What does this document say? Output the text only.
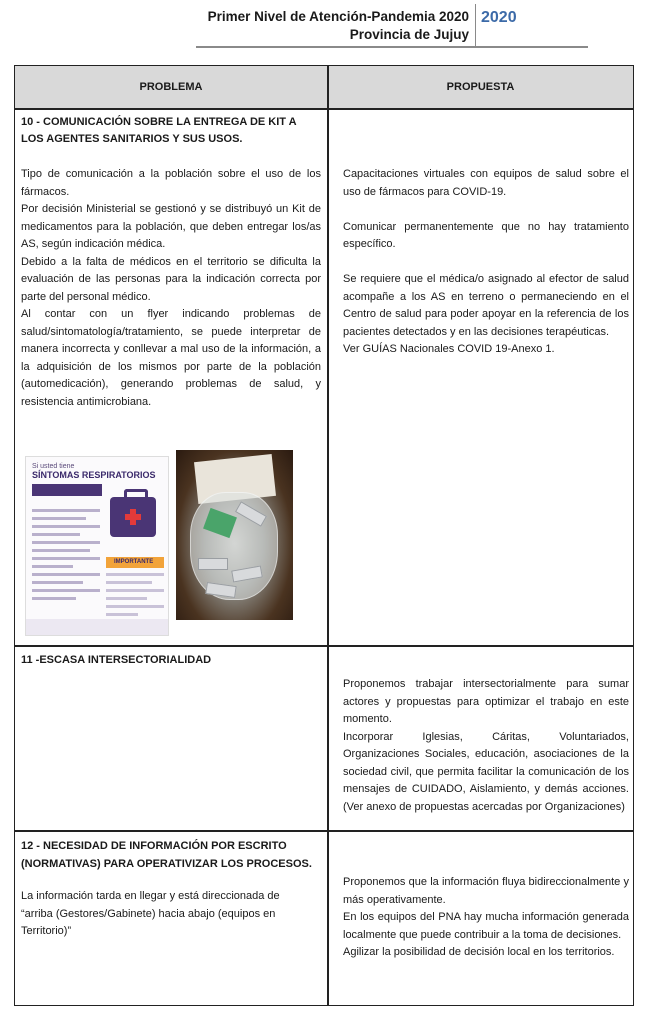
Primer Nivel de Atención-Pandemia 2020
Provincia de Jujuy
2020
PROBLEMA	PROPUESTA
10 - COMUNICACIÓN SOBRE LA ENTREGA DE KIT A LOS AGENTES SANITARIOS Y SUS USOS.
Tipo de comunicación a la población sobre el uso de los fármacos.
Por decisión Ministerial se gestionó y se distribuyó un Kit de medicamentos para la población, que deben entregar los/as AS, según indicación médica.
Debido a la falta de médicos en el territorio se dificulta la evaluación de las personas para la indicación correcta por parte del personal médico.
Al contar con un flyer indicando problemas de salud/sintomatología/tratamiento, se puede interpretar de manera incorrecta y conllevar a mal uso de la información, a la adquisición de los mismos por parte de la población (automedicación), generando problemas de salud, y resistencia antimicrobiana.
Si usted tiene
SÍNTOMAS RESPIRATORIOS
IMPORTANTE
Capacitaciones virtuales con equipos de salud sobre el uso de fármacos para COVID-19.
Comunicar permanentemente que no hay tratamiento específico.
Se requiere que el médica/o asignado al efector de salud acompañe a los AS en terreno o permaneciendo en el Centro de salud para poder apoyar en la referencia de los pacientes detectados y en las decisiones terapéuticas.
Ver GUÍAS Nacionales COVID 19-Anexo 1.
11 -ESCASA INTERSECTORIALIDAD
Proponemos trabajar intersectorialmente para sumar actores y propuestas para optimizar el trabajo en este momento.
Incorporar Iglesias, Cáritas, Voluntariados, Organizaciones Sociales, educación, asociaciones de la sociedad civil, que permita facilitar la comunicación de los mensajes de CUIDADO, Aislamiento, y demás acciones. (Ver anexo de propuestas acercadas por Organizaciones)
12 - NECESIDAD DE INFORMACIÓN POR ESCRITO (NORMATIVAS) PARA OPERATIVIZAR LOS PROCESOS.
La información tarda en llegar y está direccionada de “arriba (Gestores/Gabinete) hacia abajo (equipos en Territorio)”
Proponemos que la información fluya bidireccionalmente y más operativamente.
En los equipos del PNA hay mucha información generada localmente que puede contribuir a la toma de decisiones.
Agilizar la posibilidad de decisión local en los territorios.
